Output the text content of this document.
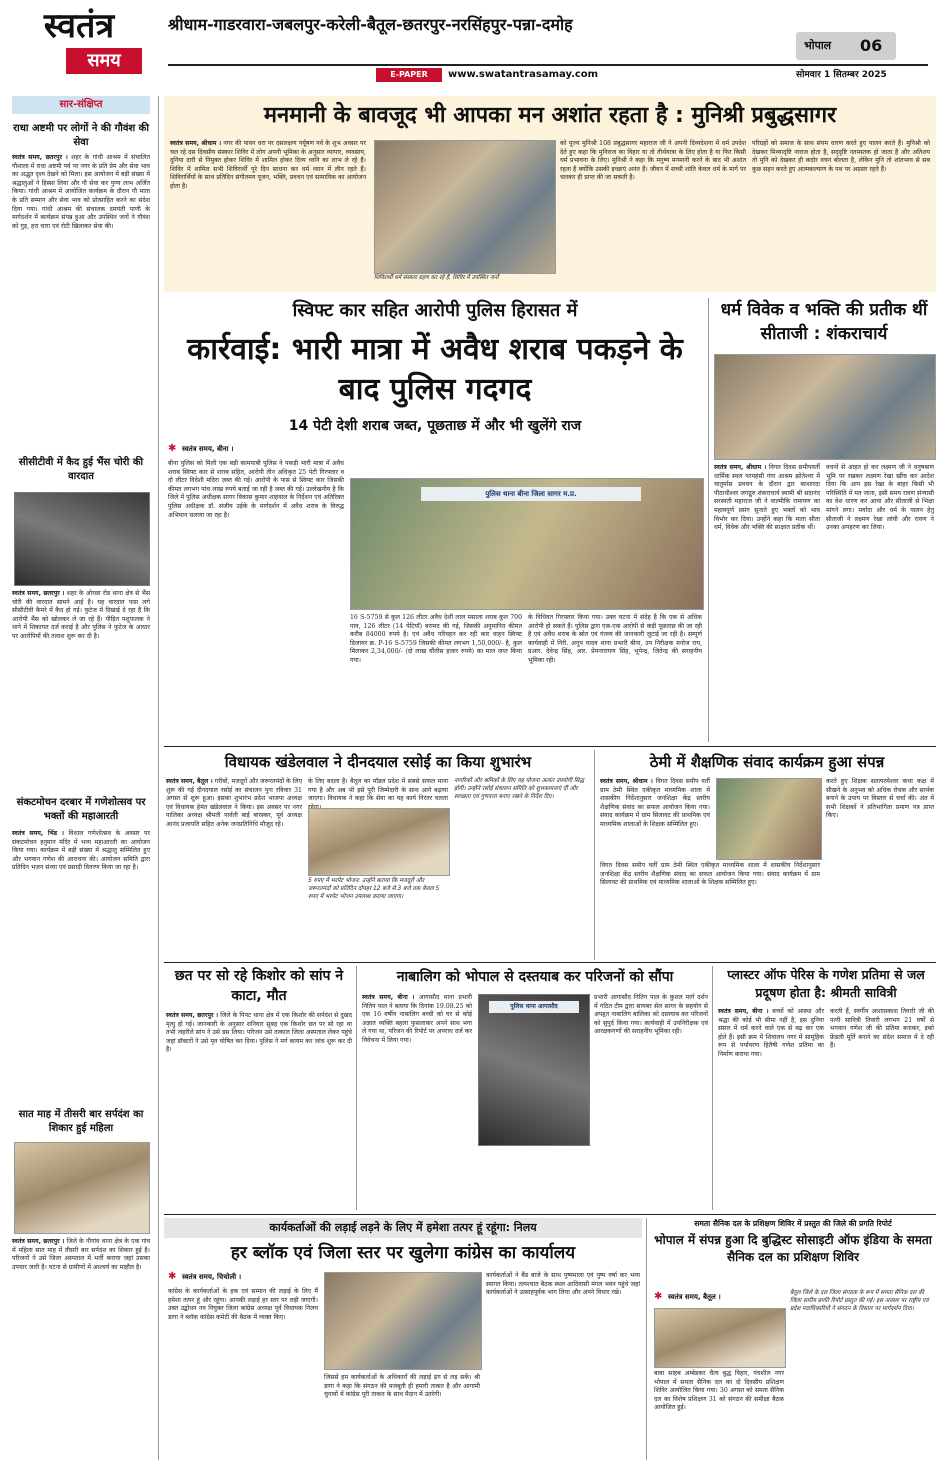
स्वतंत्र
समय
श्रीधाम-गाडरवारा-जबलपुर-करेली-बैतूल-छतरपुर-नरसिंहपुर-पन्ना-दमोह
भोपाल 06
E-PAPER	www.swatantrasamay.com	सोमवार 1 सितम्बर 2025
सार-संक्षिप्त
राधा अष्टमी पर लोगों ने की गौवंश की सेवा
स्वतंत्र समय, छतरपुर । शहर के गांधी आश्रम में संचालित गौशाला में राधा अष्टमी पर्व पर नगर के प्रति प्रेम और सेवा भाव का अद्भुत दृश्य देखने को मिला। इस आयोजन में बड़ी संख्या में श्रद्धालुओं ने हिस्सा लिया और गौ सेवा कर पुण्य लाभ अर्जित किया। गांधी आश्रम में आयोजित कार्यक्रम के दौरान गौ माता के प्रति सम्मान और सेवा भाव को प्रोत्साहित करने का संदेश दिया गया। गांधी आश्रम की संचालक दमयंती पाणी के मार्गदर्शन में कार्यक्रम संपन्न हुआ और उपस्थित जनों ने गौवंश को गुड़, हरा चारा एवं रोटी खिलाकर सेवा की।
सीसीटीवी में कैद हुई भैंस चोरी की वारदात
स्वतंत्र समय, छतरपुर । शहर के ओरछा रोड थाना क्षेत्र से भैंस चोरी की वारदात सामने आई है। यह वारदात पास लगे सीसीटीवी कैमरे में कैद हो गई। फुटेज में दिखाई दे रहा है कि आरोपी भैंस को खोलकर ले जा रहे हैं। पीड़ित पशुपालक ने थाने में शिकायत दर्ज कराई है और पुलिस ने फुटेज के आधार पर आरोपियों की तलाश शुरू कर दी है।
संकटमोचन दरबार में गणेशोत्सव पर भक्तों की महाआरती
स्वतंत्र समय, भिंड । विशाल गणेशोत्सव के अवसर पर संकटमोचन हनुमान मंदिर में भव्य महाआरती का आयोजन किया गया। कार्यक्रम में बड़ी संख्या में श्रद्धालु सम्मिलित हुए और भगवान गणेश की आराधना की। आयोजन समिति द्वारा प्रतिदिन भजन संध्या एवं प्रसादी वितरण किया जा रहा है।
सात माह में तीसरी बार सर्पदंश का शिकार हुई महिला
स्वतंत्र समय, छतरपुर । जिले के नौगांव थाना क्षेत्र के एक गांव में महिला सात माह में तीसरी बार सर्पदंश का शिकार हुई है। परिजनों ने उसे जिला अस्पताल में भर्ती कराया जहां उसका उपचार जारी है। घटना से ग्रामीणों में आश्चर्य का माहौल है।
मनमानी के बावजूद भी आपका मन अशांत रहता है : मुनिश्री प्रबुद्धसागर
स्वतंत्र समय, श्रीधाम । नगर की पावन धरा पर दसलक्षण पर्यूषण पर्व के शुभ अवसर पर चल रहे दस दिवसीय संस्कार शिविर में लोग अपनी भूमिका के अनुसार व्यापार, व्यवसाय, दुनिया दारी से निमुक्त होकर शिविर में शामिल होकर दिव्य ध्वनि का लाभ ले रहे हैं। शिविर में शामिल सभी शिविरार्थी पूरे दिन साधना कर धर्म ध्यान में लीन रहते हैं। शिविरार्थियों के साथ प्रतिदिन संगीतमय पूजन, भक्ति, प्रवचन एवं सामायिक का आयोजन होता है।
शिविरार्थी धर्म संस्कार ग्रहण कर रहे हैं, शिविर में उपस्थित जनों
को पूज्य मुनिश्री 108 प्रबुद्धसागर महाराज जी ने अपनी दिव्यदेशना में धर्म उपदेश देते हुए कहा कि मुनिराज का विहार या तो तीर्थयात्रा के लिए होता है या फिर किसी धर्म प्रभावना के लिए। मुनिश्री ने कहा कि मनुष्य मनमानी करने के बाद भी अशांत रहता है क्योंकि उसकी इच्छाएं अनंत हैं। जीवन में सच्ची शांति केवल धर्म के मार्ग पर चलकर ही प्राप्त की जा सकती है।
परिग्रहों को समाज के साथ संयम धारण करते हुए पालन करते हैं। मुनिश्री को देखकर मिथ्यादृष्टि नाराज होता है, सद्‌दृष्टि नतमस्तक हो जाता है और अतिशय तो मुनि को देखकर ही कदोर वचन बोलता है, लेकिन मुनि तो शांतभाव से सब कुछ सहन करते हुए आत्मकल्याण के पथ पर अग्रसर रहते हैं।
स्विफ्ट कार सहित आरोपी पुलिस हिरासत में
कार्रवाई: भारी मात्रा में अवैध शराब पकड़ने के बाद पुलिस गदगद
14 पेटी देशी शराब जब्त, पूछताछ में और भी खुलेंगे राज
✱ स्वतंत्र समय, बीना ।
बीना पुलिस को मिली एक बड़ी कामयाबी पुलिस ने पकड़ी भारी मात्रा में अवैध शराब स्विफ्ट कार से शराब सहित, आरोपी तीन अधिकृत 25 पेटी गिरफ्तार व दो लीटर विदेशी मदिरा ज़ब्त की गई। आरोपी के पास से स्विफ्ट कार जिसकी कीमत लगभग पांच लाख रुपये बताई जा रही है जब्त की गई। उल्लेखनीय है कि जिले में पुलिस अधीक्षक सागर विकास कुमार शाहवाल के निर्देशन एवं अतिरिक्त पुलिस अधीक्षक डॉ. संजीव उईके के मार्गदर्शन में अवैध शराब के विरुद्ध अभियान चलाया जा रहा है।
पुलिस थाना बीना जिला सागर म.प्र.
16 S-5759 से कुल 126 लीटर अवैध देशी लाल मसाला शराब कुल 700 पाव, 126 लीटर (14 पेटियाँ) बरामद की गई, जिसकी अनुमानित कीमत करीब 84000 रुपये है। एवं अवैध परिवहन कर रही कार वाहन स्विफ्ट डिजायर क्र. P-16 S-5759 जिसकी कीमत लगभग 1,50,000/- है, कुल मिलाकर 2,34,000/- (दो लाख चौंतीस हजार रुपये) का माल जप्त किया गया।
के विधिवत गिरफ्तार किया गया। उक्त घटना में संदेह है कि एक से अधिक आरोपी हो सकते हैं। पुलिस द्वारा एक-एक आरोपी से कड़ी पूछताछ की जा रही है एवं अवैध शराब के स्रोत एवं गंतव्य की जानकारी जुटाई जा रही है। सम्पूर्ण कार्यवाही में निरी. अनूप यादव थाना प्रभारी बीना, उप निरीक्षक मनोज राय, प्रआर. देवेन्द्र सिंह, आर. प्रेमनारायण सिंह, भूपेन्द्र, जितेन्द्र की सराहनीय भूमिका रही।
धर्म विवेक व भक्ति की प्रतीक थीं सीताजी : शंकराचार्य
स्वतंत्र समय, श्रीधाम । विगत दिवस समीपवर्ती धार्मिक स्थल परमहंसी गंगा आश्रम झोतेश्वर में चातुर्मास प्रवचन के दौरान द्वार काशारदा पीठाधीश्वर जगद्गुरु शंकराचार्य स्वामी श्री सदानंद सरस्वती महाराज जी ने वाल्मीकि रामायण का महत्वपूर्ण प्रसंग सुनाते हुए भक्तों को भाव विभोर कर दिया। उन्होंने कहा कि माता सीता धर्म, विवेक और भक्ति की साक्षात प्रतीक थीं।
वचनों से आहत हो कर लक्ष्मण जी ने धनुषबाण भूमि पर रखकर लक्ष्मण रेखा खींच कर आदेश दिया कि आप इस रेखा के बाहर किसी भी परिस्थिति में मत जाना, इसी समय रावण संन्यासी का वेश धारण कर आया और सीताजी से भिक्षा मांगने लगा। मर्यादा और धर्म के पालन हेतु सीताजी ने लक्ष्मण रेखा लांघी और रावण ने उनका अपहरण कर लिया।
विधायक खंडेलवाल ने दीनदयाल रसोई का किया शुभारंभ
स्वतंत्र समय, बैतूल । गरीबों, मजदूरों और जरूरतमंदों के लिए शुरू की गई दीनदयाल रसोई का संचालन पुनः रविवार 31 अगस्त से शुरू हुआ। इसका शुभारंभ प्रदेश भाजपा अध्यक्ष एवं विधायक हेमंत खंडेलवाल ने किया। इस अवसर पर नगर पालिका अध्यक्ष श्रीमती पार्वती बाई बारस्कर, पूर्व अध्यक्ष आनंद प्रजापति सहित अनेक जनप्रतिनिधि मौजूद रहे।
के लिए बदला है। बैतूल का मॉडल प्रदेश में सबसे सफल माना गया है और अब भी इसे पूरी जिम्मेदारी के साथ आगे बढ़ाया जाएगा। विधायक ने कहा कि सेवा का यह कार्य निरंतर चलता
5 रुपए में भरपेट भोजन: उन्होंने बताया कि मजदूरों और जरूरतमंदों को प्रतिदिन दोपहर 12 बजे से 3 बजे तक केवल 5 रुपए में भरपेट भोजन उपलब्ध कराया जाएगा।
नागरिकों और श्रमिकों के लिए यह योजना अत्यंत उपयोगी सिद्ध होगी। उन्होंने रसोई संचालन समिति को शुभकामनाएं दीं और स्वच्छता एवं गुणवत्ता बनाए रखने के निर्देश दिए।
ठेमी में शैक्षणिक संवाद कार्यक्रम हुआ संपन्न
स्वतंत्र समय, श्रीधाम । विगत दिवस समीप वर्ती ग्राम ठेमी स्थित एकीकृत माध्यमिक शाला में शासकीय निर्देशानुसार जनशिक्षा केंद्र स्तरीय शैक्षणिक संवाद का सफल आयोजन किया गया। संवाद कार्यक्रम में ग्राम सिलावट की प्राथमिक एवं माध्यमिक शालाओं के शिक्षक सम्मिलित हुए।
करते हुए शिक्षक सतत्परमेश्वर कथा कक्ष में सीखने के अनुभव को अधिक रोचक और सार्थक बनाने के उपाय पर विस्तार से चर्चा की। अंत में सभी शिक्षकों ने प्रतिभागिता प्रमाण पत्र प्राप्त किए।
विगत दिवस समीप वर्ती ग्राम ठेमी स्थित एकीकृत माध्यमिक शाला में शासकीय निर्देशानुसार जनशिक्षा केंद्र स्तरीय शैक्षणिक संवाद का सफल आयोजन किया गया। संवाद कार्यक्रम में ग्राम सिलावट की प्राथमिक एवं माध्यमिक शालाओं के शिक्षक सम्मिलित हुए।
छत पर सो रहे किशोर को सांप ने काटा, मौत
स्वतंत्र समय, छतरपुर । जिले के पिपट थाना क्षेत्र में एक किशोर की सर्पदंश से दुखद मृत्यु हो गई। जानकारी के अनुसार शनिवार सुबह एक किशोर छत पर सो रहा था तभी जहरीले सांप ने उसे डस लिया। परिजन उसे तत्काल जिला अस्पताल लेकर पहुंचे जहां डॉक्टरों ने उसे मृत घोषित कर दिया। पुलिस ने मर्ग कायम कर जांच शुरू कर दी है।
नाबालिग को भोपाल से दस्तयाब कर परिजनों को सौंपा
स्वतंत्र समय, बीना । आगासौद थाना प्रभारी नितिन पाल ने बताया कि दिनांक 19.08.25 को एक 16 वर्षीय नाबालिग बच्ची को घर से कोई अज्ञात व्यक्ति बहला फुसलाकर अपने साथ भगा ले गया था, परिजन की रिपोर्ट पर अपराध दर्ज कर विवेचना में लिया गया।
पुलिस थाना आगासौद
प्रभारी आगासौद नितिन पाल के कुशल मार्ग दर्शन में गठित टीम द्वारा सायबर सेल सागर के सहयोग से अपहृत नाबालिग बालिका को दस्तयाब कर परिजनों को सुपुर्द किया गया। कार्यवाही में उपनिरीक्षक एवं आरक्षकगणों की सराहनीय भूमिका रही।
प्लास्टर ऑफ पेरिस के गणेश प्रतिमा से जल प्रदूषण होता है: श्रीमती सावित्री
स्वतंत्र समय, बीना । बच्चों को आस्था और श्रद्धा की कोई भी सीमा नहीं है, इस दुनिया संसार में धर्म करने वाले एक से बढ़ कर एक होते हैं। इसी क्रम में शिवालय नगर में सामूहिक रूप से पर्यावरण हितैषी गणेश प्रतिमा का निर्माण कराया गया।
करती हैं, स्वर्गीय आशाप्रकाश तिवारी जी की पत्नी सावित्री तिवारी लगभग 21 वर्षों से भगवान गणेश जी की प्रतिमा बनाकर, इको फ्रेंडली मूर्ति बनाने का संदेश समाज में दे रही हैं।
कार्यकर्ताओं की लड़ाई लड़ने के लिए में हमेशा तत्पर हूं रहूंगा: निलय
हर ब्लॉक एवं जिला स्तर पर खुलेगा कांग्रेस का कार्यालय
✱ स्वतंत्र समय, चिचोली ।
कांग्रेस के कार्यकर्ताओं के हक एवं सम्मान की लड़ाई के लिए मैं हमेशा तत्पर हूं और रहूंगा। आपकी लड़ाई हर स्तर पर लड़ी जाएगी। उक्त उद्बोधन नव नियुक्त जिला कांग्रेस अध्यक्ष पूर्व विधायक निलय डागा ने ब्लॉक कांग्रेस कमेटी की बैठक में व्यक्त किए।
जिससे हम कार्यकर्ताओं के अधिकारों की लड़ाई ढंग से लड़ सकें। श्री डागा ने कहा कि संगठन की मजबूती ही हमारी ताकत है और आगामी चुनावों में कांग्रेस पूरी ताकत के साथ मैदान में उतरेगी।
कार्यकर्ताओं ने बैंड बाजे के साथ पुष्पमाला एवं पुष्प वर्षा कर भव्य स्वागत किया। तत्पश्चात बैठक स्थल आदिवासी मंगल भवन पहुंचे जहां कार्यकर्ताओं ने उत्साहपूर्वक भाग लिया और अपने विचार रखे।
समता सैनिक दल के प्रशिक्षण शिविर में प्रस्तुत की जिले की प्रगति रिपोर्ट
भोपाल में संपन्न हुआ दि बुद्धिस्ट सोसाइटी ऑफ इंडिया के समता सैनिक दल का प्रशिक्षण शिविर
✱ स्वतंत्र समय, बैतूल ।
बाबा साहब अम्बेडकर चैत्य बुद्ध विहार, पंचशील नगर भोपाल में समता सैनिक दल का दो दिवसीय प्रशिक्षण शिविर आयोजित किया गया। 30 अगस्त को समता सैनिक दल का विशेष प्रशिक्षण 31 को संगठन की समीक्षा बैठक आयोजित हुई।
बैतूल जिले के दल जिला संगठक के रूप में समता सैनिक दल की जिला स्तरीय प्रगति रिपोर्ट प्रस्तुत की गई। इस अवसर पर राष्ट्रीय एवं प्रदेश पदाधिकारियों ने संगठन के विस्तार पर मार्गदर्शन दिया।
